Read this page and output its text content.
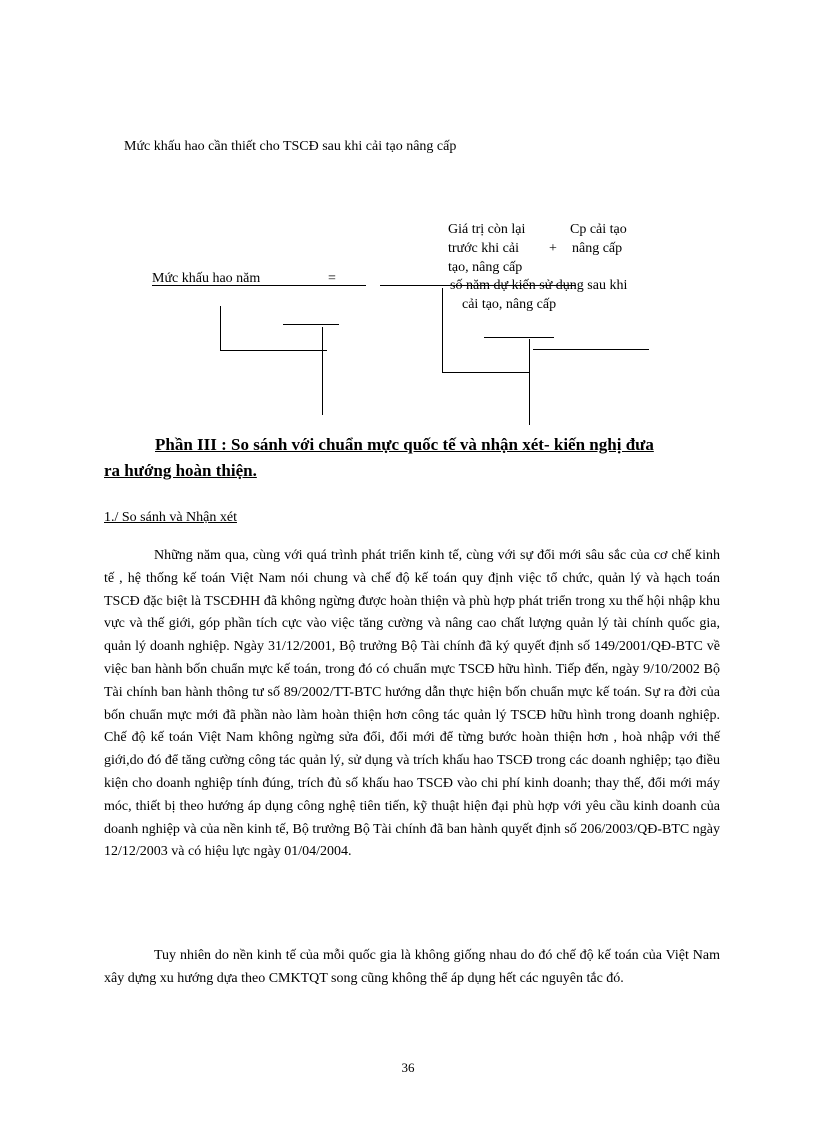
Mức khấu hao cần thiết cho TSCĐ sau khi cải tạo nâng cấp
Mức khấu hao năm	=
Giá trị còn lại
trước khi cải
tạo, nâng cấp
+
Cp cải tạo
nâng cấp
số năm dự kiến sử dụng sau khi
cải tạo, nâng cấp
Phần III : So sánh với chuẩn mực quốc tế và nhận xét- kiến nghị đưa
ra hướng hoàn thiện.
1./ So sánh và Nhận xét
Những năm qua, cùng với quá trình phát triển kinh tế, cùng với sự đổi mới sâu sắc của cơ chế kinh tế , hệ thống kế toán Việt Nam nói chung và chế độ kế toán quy định việc tổ chức, quản lý và hạch toán TSCĐ đặc biệt là TSCĐHH đã không ngừng được hoàn thiện và phù hợp phát triển trong xu thế hội nhập khu vực và thế giới, góp phần tích cực vào việc tăng cường và nâng cao chất lượng quản lý tài chính quốc gia, quản lý doanh nghiệp. Ngày 31/12/2001, Bộ trưởng Bộ Tài chính đã ký quyết định số 149/2001/QĐ-BTC về việc ban hành bốn chuẩn mực kế toán, trong đó có chuẩn mực TSCĐ hữu hình. Tiếp đến, ngày 9/10/2002 Bộ Tài chính ban hành thông tư số 89/2002/TT-BTC hướng dẫn thực hiện bốn chuẩn mực kế toán. Sự ra đời của bốn chuẩn mực mới đã phần nào làm hoàn thiện hơn công tác quản lý TSCĐ hữu hình trong doanh nghiệp. Chế độ kế toán Việt Nam không ngừng sửa đổi, đổi mới để từng bước hoàn thiện hơn , hoà nhập với thế giới,do đó để tăng cường công tác quản lý, sử dụng và trích khấu hao TSCĐ trong các doanh nghiệp; tạo điều kiện cho doanh nghiệp tính đúng, trích đủ số khấu hao TSCĐ vào chi phí kinh doanh; thay thế, đổi mới máy móc, thiết bị theo hướng áp dụng công nghệ tiên tiến, kỹ thuật hiện đại phù hợp với yêu cầu kinh doanh của doanh nghiệp và của nền kinh tế, Bộ trưởng Bộ Tài chính đã ban hành quyết định số 206/2003/QĐ-BTC ngày 12/12/2003 và có hiệu lực ngày 01/04/2004.
Tuy nhiên do nền kinh tế của mỗi quốc gia là không giống nhau do đó chế độ kế toán của Việt Nam xây dựng xu hướng dựa theo CMKTQT song cũng không thể áp dụng hết các nguyên tắc đó.
36
